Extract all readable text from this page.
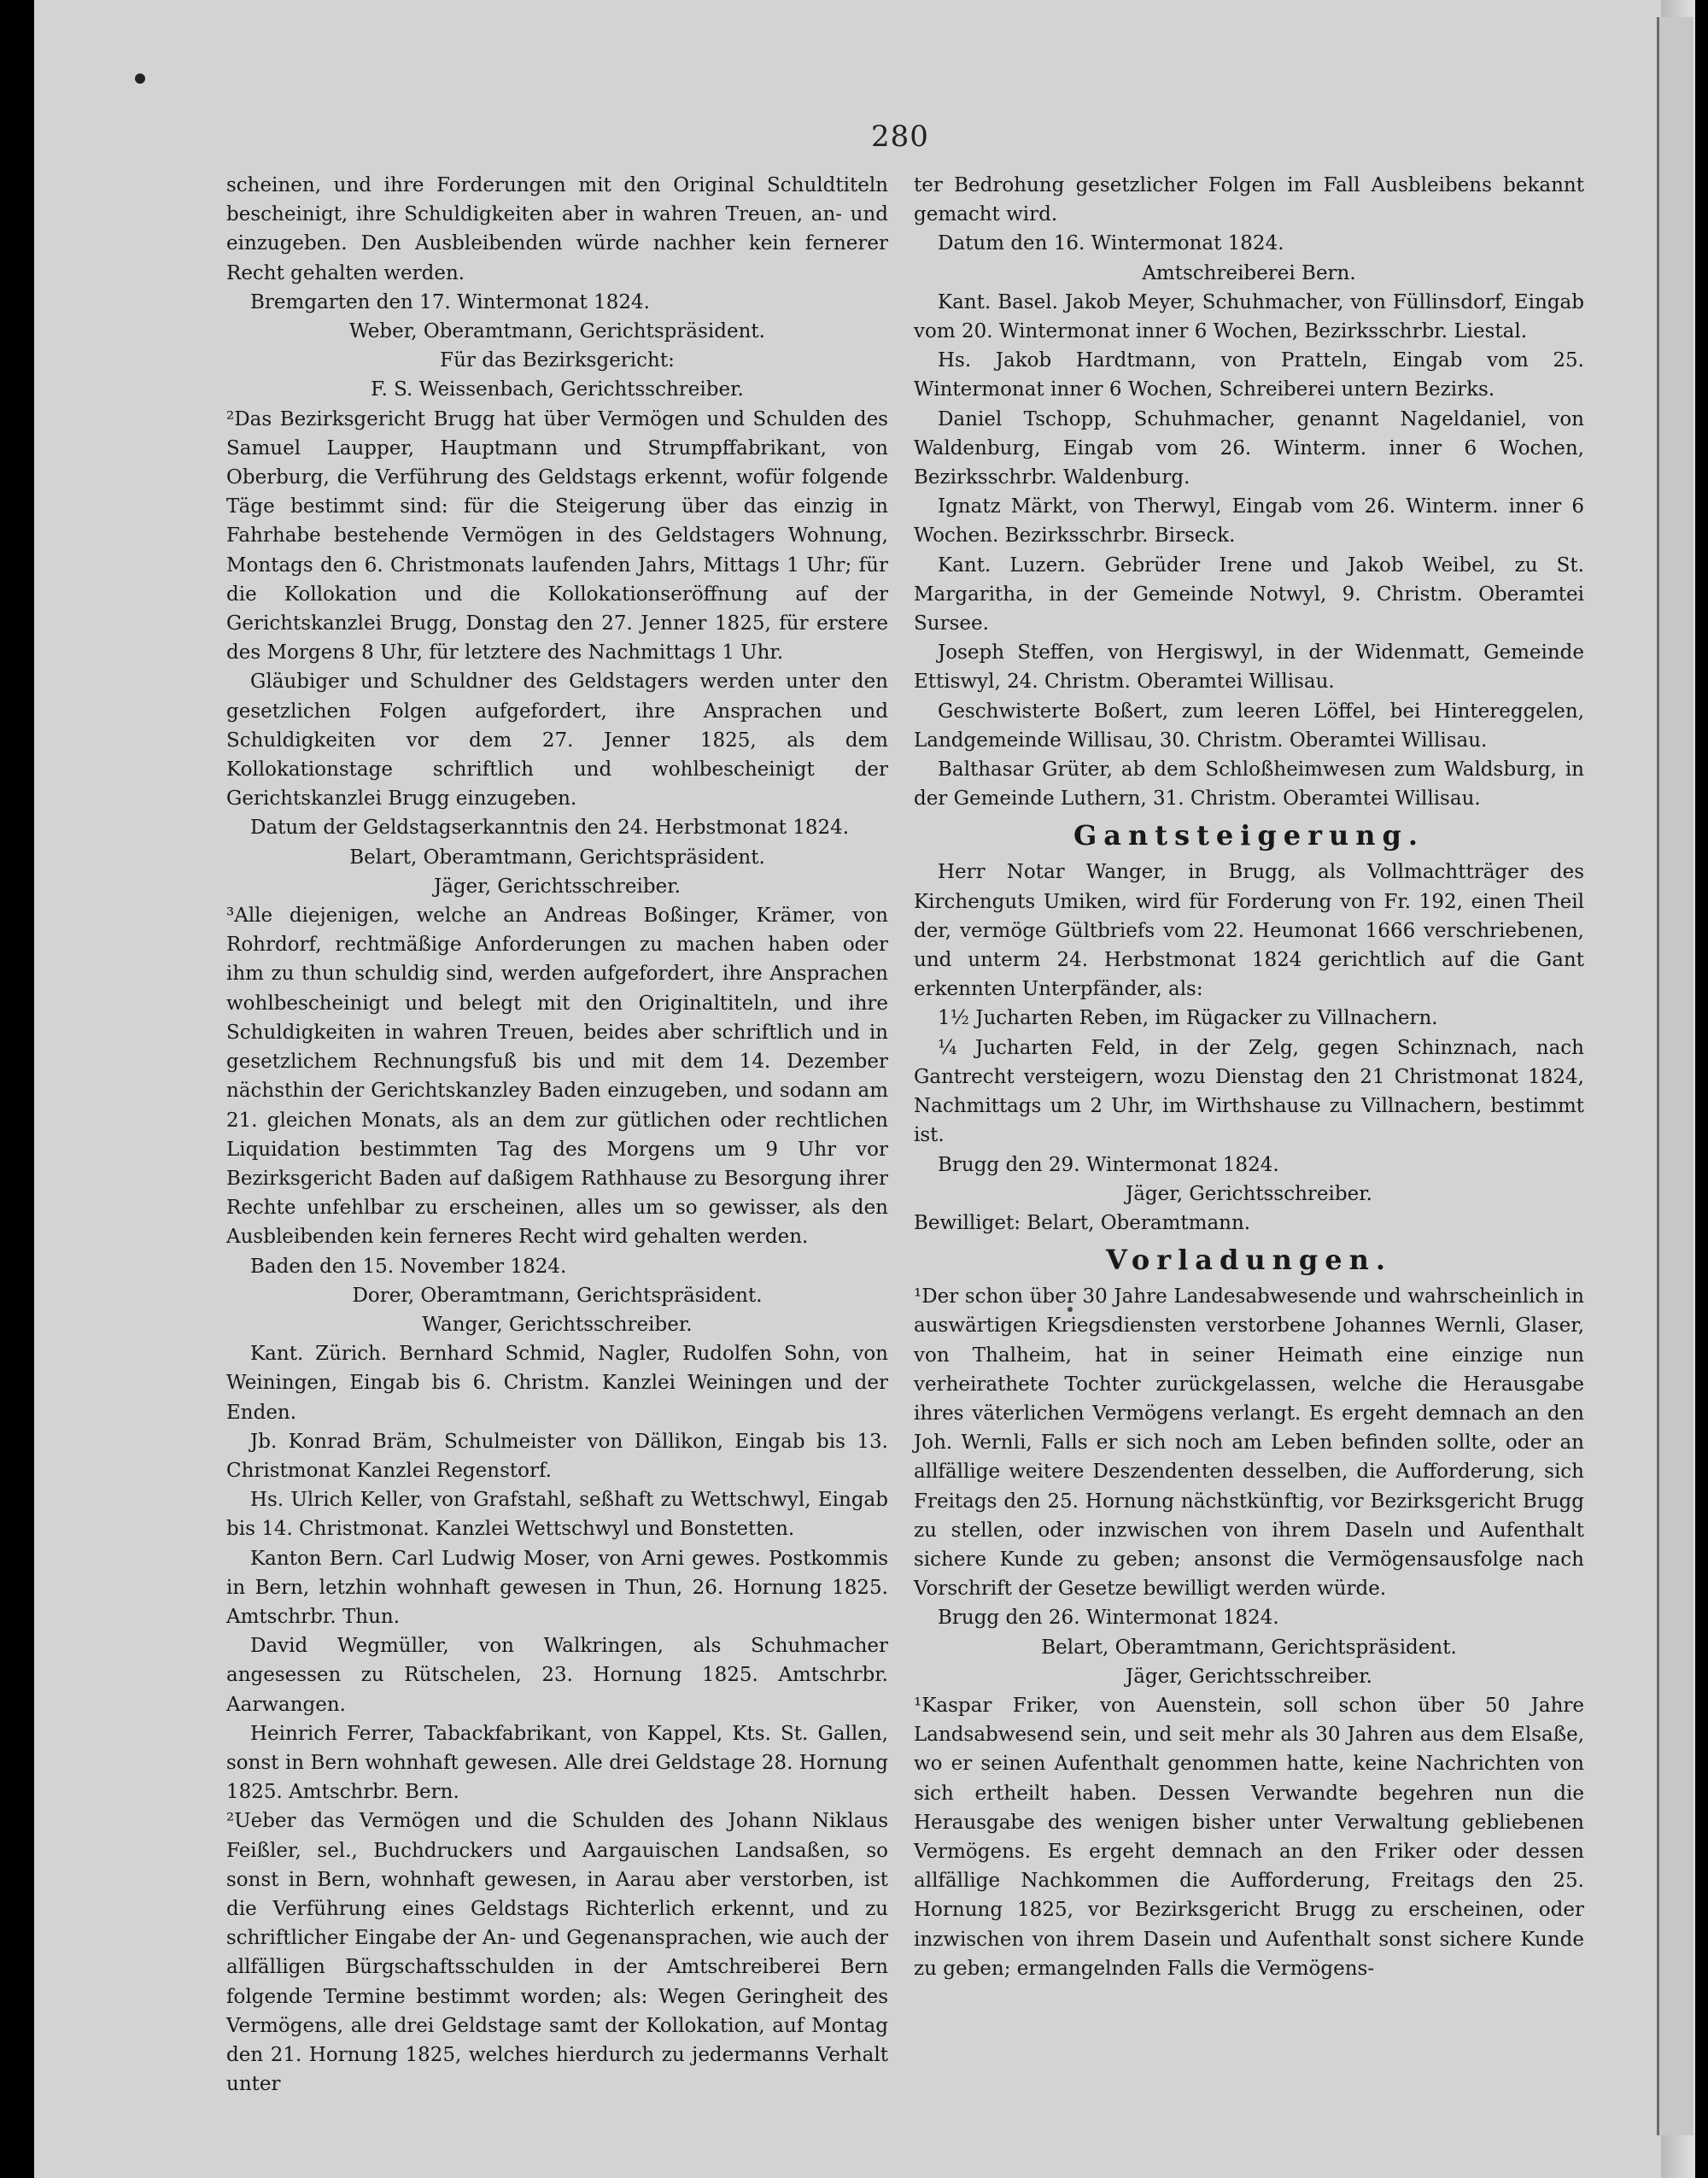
280

scheinen, und ihre Forderungen mit den Original Schuldtiteln bescheinigt, ihre Schuldigkeiten aber in wahren Treuen, an- und einzugeben. Den Ausbleibenden würde nachher kein fernerer Recht gehalten werden.

Bremgarten den 17. Wintermonat 1824.

Weber, Oberamtmann, Gerichtspräsident.

Für das Bezirksgericht:

F. S. Weissenbach, Gerichtsschreiber.

²Das Bezirksgericht Brugg hat über Vermögen und Schulden des Samuel Laupper, Hauptmann und Strumpffabrikant, von Oberburg, die Verführung des Geldstags erkennt, wofür folgende Täge bestimmt sind: für die Steigerung über das einzig in Fahrhabe bestehende Vermögen in des Geldstagers Wohnung, Montags den 6. Christmonats laufenden Jahrs, Mittags 1 Uhr; für die Kollokation und die Kollokationseröffnung auf der Gerichtskanzlei Brugg, Donstag den 27. Jenner 1825, für erstere des Morgens 8 Uhr, für letztere des Nachmittags 1 Uhr.

Gläubiger und Schuldner des Geldstagers werden unter den gesetzlichen Folgen aufgefordert, ihre Ansprachen und Schuldigkeiten vor dem 27. Jenner 1825, als dem Kollokationstage schriftlich und wohlbescheinigt der Gerichtskanzlei Brugg einzugeben.

Datum der Geldstagserkanntnis den 24. Herbstmonat 1824.

Belart, Oberamtmann, Gerichtspräsident.

Jäger, Gerichtsschreiber.

³Alle diejenigen, welche an Andreas Boßinger, Krämer, von Rohrdorf, rechtmäßige Anforderungen zu machen haben oder ihm zu thun schuldig sind, werden aufgefordert, ihre Ansprachen wohlbescheinigt und belegt mit den Originaltiteln, und ihre Schuldigkeiten in wahren Treuen, beides aber schriftlich und in gesetzlichem Rechnungsfuß bis und mit dem 14. Dezember nächsthin der Gerichtskanzley Baden einzugeben, und sodann am 21. gleichen Monats, als an dem zur gütlichen oder rechtlichen Liquidation bestimmten Tag des Morgens um 9 Uhr vor Bezirksgericht Baden auf daßigem Rathhause zu Besorgung ihrer Rechte unfehlbar zu erscheinen, alles um so gewisser, als den Ausbleibenden kein ferneres Recht wird gehalten werden.

Baden den 15. November 1824.

Dorer, Oberamtmann, Gerichtspräsident.

Wanger, Gerichtsschreiber.

Kant. Zürich. Bernhard Schmid, Nagler, Rudolfen Sohn, von Weiningen, Eingab bis 6. Christm. Kanzlei Weiningen und der Enden.

Jb. Konrad Bräm, Schulmeister von Dällikon, Eingab bis 13. Christmonat Kanzlei Regenstorf.

Hs. Ulrich Keller, von Grafstahl, seßhaft zu Wettschwyl, Eingab bis 14. Christmonat. Kanzlei Wettschwyl und Bonstetten.

Kanton Bern. Carl Ludwig Moser, von Arni gewes. Postkommis in Bern, letzhin wohnhaft gewesen in Thun, 26. Hornung 1825. Amtschrbr. Thun.

David Wegmüller, von Walkringen, als Schuhmacher angesessen zu Rütschelen, 23. Hornung 1825. Amtschrbr. Aarwangen.

Heinrich Ferrer, Tabackfabrikant, von Kappel, Kts. St. Gallen, sonst in Bern wohnhaft gewesen. Alle drei Geldstage 28. Hornung 1825. Amtschrbr. Bern.

²Ueber das Vermögen und die Schulden des Johann Niklaus Feißler, sel., Buchdruckers und Aargauischen Landsaßen, so sonst in Bern, wohnhaft gewesen, in Aarau aber verstorben, ist die Verführung eines Geldstags Richterlich erkennt, und zu schriftlicher Eingabe der An- und Gegenansprachen, wie auch der allfälligen Bürgschaftsschulden in der Amtschreiberei Bern folgende Termine bestimmt worden; als: Wegen Geringheit des Vermögens, alle drei Geldstage samt der Kollokation, auf Montag den 21. Hornung 1825, welches hierdurch zu jedermanns Verhalt unter

ter Bedrohung gesetzlicher Folgen im Fall Ausbleibens bekannt gemacht wird.

Datum den 16. Wintermonat 1824.

Amtschreiberei Bern.

Kant. Basel. Jakob Meyer, Schuhmacher, von Füllinsdorf, Eingab vom 20. Wintermonat inner 6 Wochen, Bezirksschrbr. Liestal.

Hs. Jakob Hardtmann, von Pratteln, Eingab vom 25. Wintermonat inner 6 Wochen, Schreiberei untern Bezirks.

Daniel Tschopp, Schuhmacher, genannt Nageldaniel, von Waldenburg, Eingab vom 26. Winterm. inner 6 Wochen, Bezirksschrbr. Waldenburg.

Ignatz Märkt, von Therwyl, Eingab vom 26. Winterm. inner 6 Wochen. Bezirksschrbr. Birseck.

Kant. Luzern. Gebrüder Irene und Jakob Weibel, zu St. Margaritha, in der Gemeinde Notwyl, 9. Christm. Oberamtei Sursee.

Joseph Steffen, von Hergiswyl, in der Widenmatt, Gemeinde Ettiswyl, 24. Christm. Oberamtei Willisau.

Geschwisterte Boßert, zum leeren Löffel, bei Hintereggelen, Landgemeinde Willisau, 30. Christm. Oberamtei Willisau.

Balthasar Grüter, ab dem Schloßheimwesen zum Waldsburg, in der Gemeinde Luthern, 31. Christm. Oberamtei Willisau.

Gantsteigerung.

Herr Notar Wanger, in Brugg, als Vollmachtträger des Kirchenguts Umiken, wird für Forderung von Fr. 192, einen Theil der, vermöge Gültbriefs vom 22. Heumonat 1666 verschriebenen, und unterm 24. Herbstmonat 1824 gerichtlich auf die Gant erkennten Unterpfänder, als:

1½ Jucharten Reben, im Rügacker zu Villnachern.

¼ Jucharten Feld, in der Zelg, gegen Schinznach, nach Gantrecht versteigern, wozu Dienstag den 21 Christmonat 1824, Nachmittags um 2 Uhr, im Wirthshause zu Villnachern, bestimmt ist.

Brugg den 29. Wintermonat 1824.

Jäger, Gerichtsschreiber.

Bewilliget: Belart, Oberamtmann.

Vorladungen.

¹Der schon über 30 Jahre Landesabwesende und wahrscheinlich in auswärtigen Kriegsdiensten verstorbene Johannes Wernli, Glaser, von Thalheim, hat in seiner Heimath eine einzige nun verheirathete Tochter zurückgelassen, welche die Herausgabe ihres väterlichen Vermögens verlangt. Es ergeht demnach an den Joh. Wernli, Falls er sich noch am Leben befinden sollte, oder an allfällige weitere Deszendenten desselben, die Aufforderung, sich Freitags den 25. Hornung nächstkünftig, vor Bezirksgericht Brugg zu stellen, oder inzwischen von ihrem Daseln und Aufenthalt sichere Kunde zu geben; ansonst die Vermögensausfolge nach Vorschrift der Gesetze bewilligt werden würde.

Brugg den 26. Wintermonat 1824.

Belart, Oberamtmann, Gerichtspräsident.

Jäger, Gerichtsschreiber.

¹Kaspar Friker, von Auenstein, soll schon über 50 Jahre Landsabwesend sein, und seit mehr als 30 Jahren aus dem Elsaße, wo er seinen Aufenthalt genommen hatte, keine Nachrichten von sich ertheilt haben. Dessen Verwandte begehren nun die Herausgabe des wenigen bisher unter Verwaltung gebliebenen Vermögens. Es ergeht demnach an den Friker oder dessen allfällige Nachkommen die Aufforderung, Freitags den 25. Hornung 1825, vor Bezirksgericht Brugg zu erscheinen, oder inzwischen von ihrem Dasein und Aufenthalt sonst sichere Kunde zu geben; ermangelnden Falls die Vermögens-
